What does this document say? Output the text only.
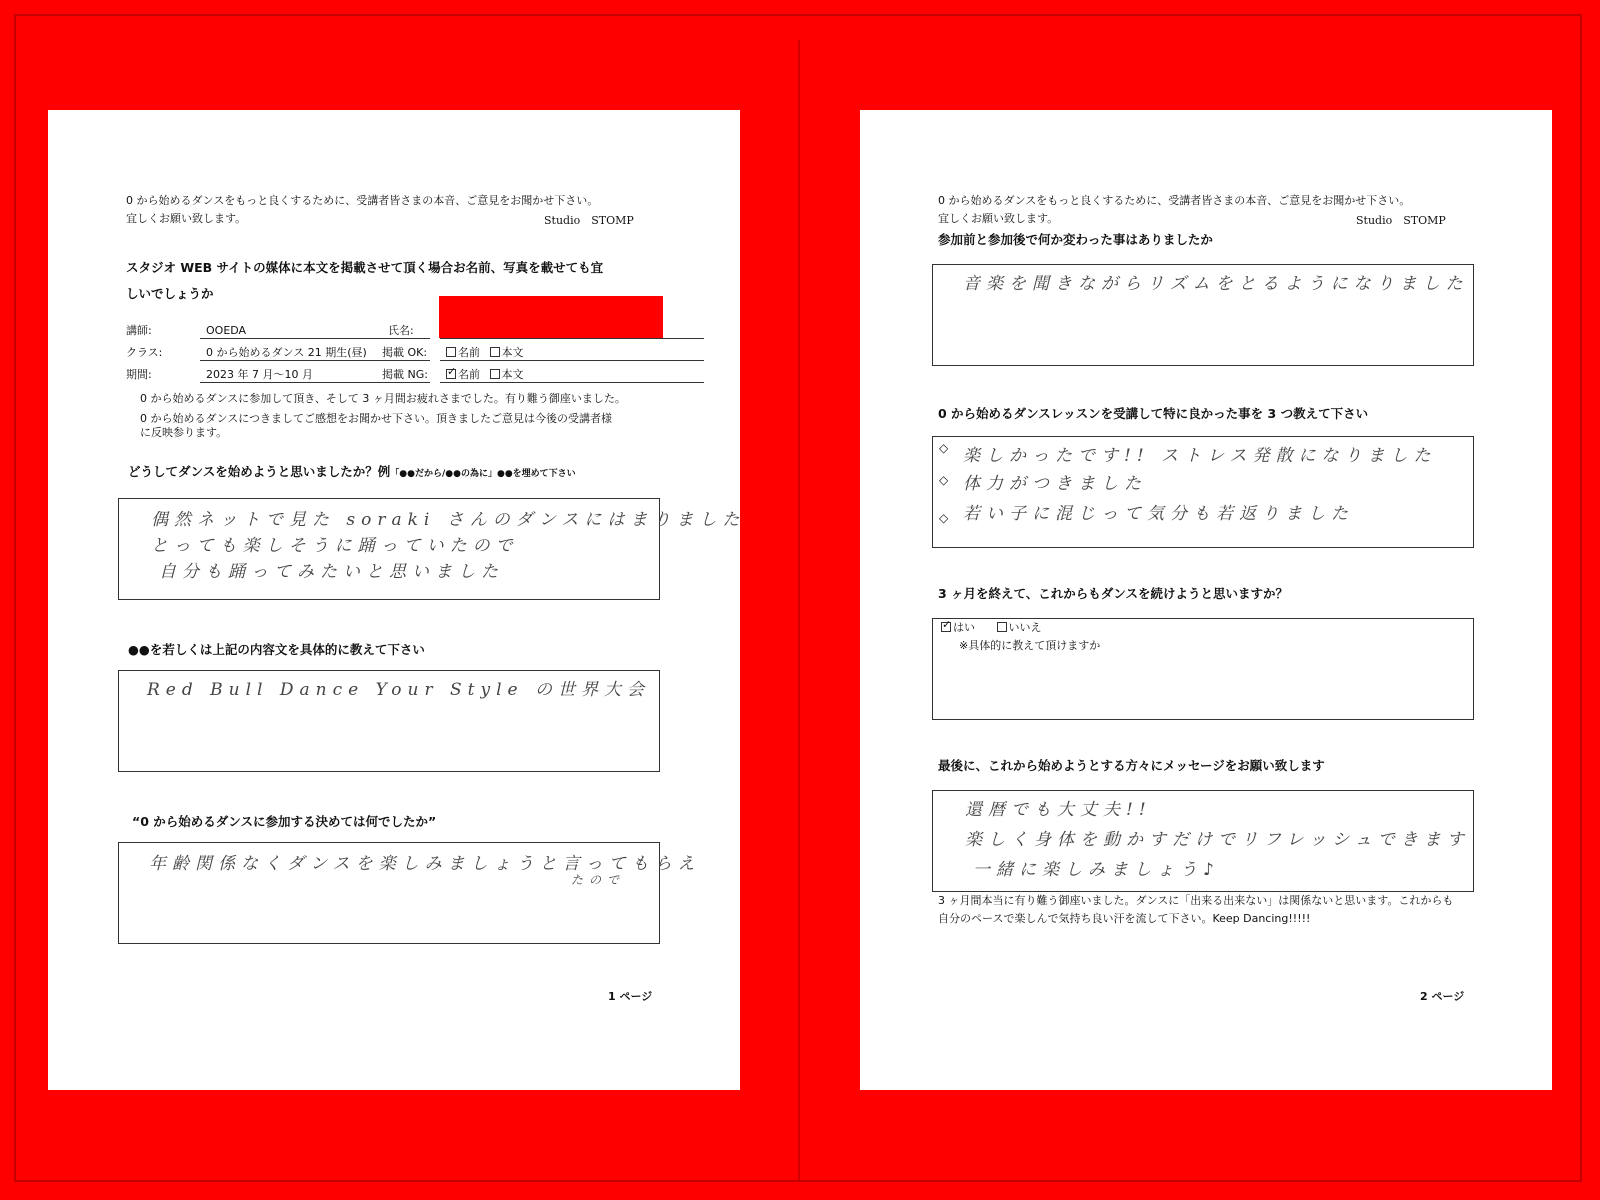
0 から始めるダンスをもっと良くするために、受講者皆さまの本音、ご意見をお聞かせ下さい。
宜しくお願い致します。	Studio　STOMP
スタジオ WEB サイトの媒体に本文を掲載させて頂く場合お名前、写真を載せても宜
しいでしょうか
講師:	OOEDA	氏名:
クラス:	0 から始めるダンス 21 期生(昼) 掲載 OK:	名前 本文
期間:	2023 年 7 月～10 月	掲載 NG:
✓	名前 本文
0 から始めるダンスに参加して頂き、そして 3 ヶ月間お疲れさまでした。有り難う御座いました。
0 から始めるダンスにつきましてご感想をお聞かせ下さい。頂きましたご意見は今後の受講者様
に反映参ります。
どうしてダンスを始めようと思いましたか？例「●●だから/●●の為に」●●を埋めて下さい
偶然ネットで見た soraki さんのダンスにはまりました
とっても楽しそうに踊っていたので
自分も踊ってみたいと思いました
●●を若しくは上記の内容文を具体的に教えて下さい
Red Bull Dance Your Style の世界大会
“0 から始めるダンスに参加する決めては何でしたか”
年齢関係なくダンスを楽しみましょうと言ってもらえ
たので
1 ページ
0 から始めるダンスをもっと良くするために、受講者皆さまの本音、ご意見をお聞かせ下さい。
宜しくお願い致します。	Studio　STOMP
参加前と参加後で何か変わった事はありましたか
音楽を聞きながらリズムをとるようになりました
0 から始めるダンスレッスンを受講して特に良かった事を 3 つ教えて下さい
◇ 楽しかったです!! ストレス発散になりました
◇ 体力がつきました
◇ 若い子に混じって気分も若返りました
3 ヶ月を終えて、これからもダンスを続けようと思いますか？
✓はい	いいえ
※具体的に教えて頂けますか
最後に、これから始めようとする方々にメッセージをお願い致します
還暦でも大丈夫!!
楽しく身体を動かすだけでリフレッシュできます
一緒に楽しみましょう♪
3 ヶ月間本当に有り難う御座いました。ダンスに「出来る出来ない」は関係ないと思います。これからも
自分のペースで楽しんで気持ち良い汗を流して下さい。Keep Dancing!!!!!
2 ページ
